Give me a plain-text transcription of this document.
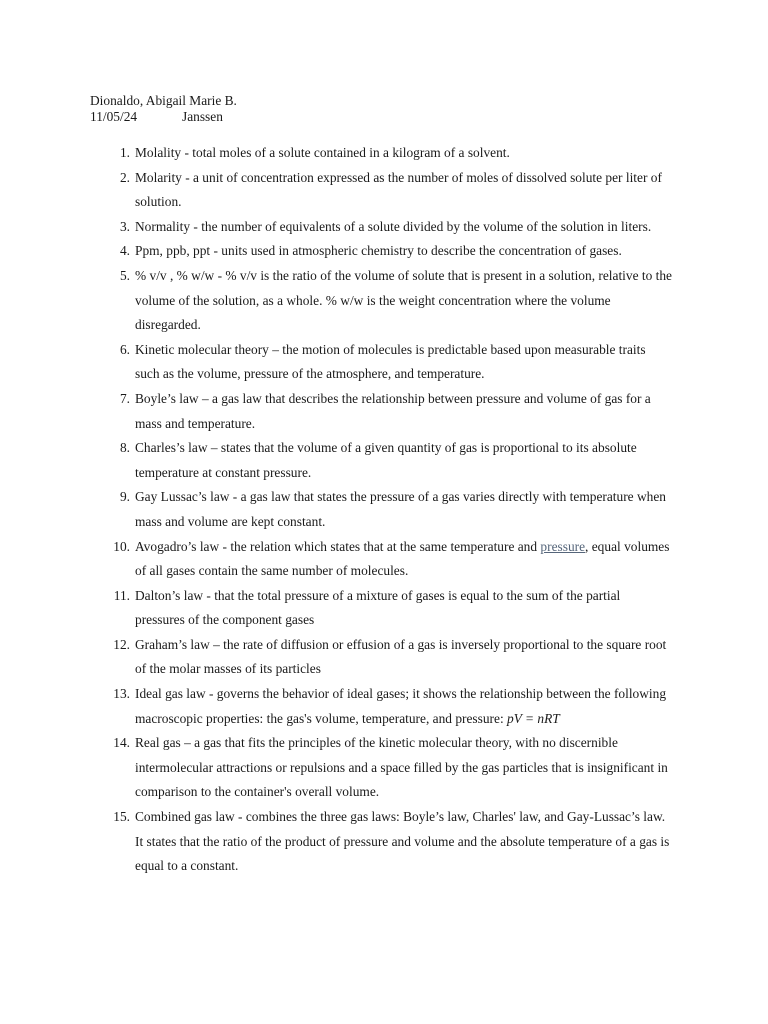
Dionaldo, Abigail Marie B.
11/05/24	Janssen
1. Molality - total moles of a solute contained in a kilogram of a solvent.
2. Molarity - a unit of concentration expressed as the number of moles of dissolved solute per liter of solution.
3. Normality - the number of equivalents of a solute divided by the volume of the solution in liters.
4. Ppm, ppb, ppt - units used in atmospheric chemistry to describe the concentration of gases.
5. % v/v , % w/w - % v/v is the ratio of the volume of solute that is present in a solution, relative to the volume of the solution, as a whole. % w/w is the weight concentration where the volume disregarded.
6. Kinetic molecular theory – the motion of molecules is predictable based upon measurable traits such as the volume, pressure of the atmosphere, and temperature.
7. Boyle’s law – a gas law that describes the relationship between pressure and volume of gas for a mass and temperature.
8. Charles’s law – states that the volume of a given quantity of gas is proportional to its absolute temperature at constant pressure.
9. Gay Lussac’s law - a gas law that states the pressure of a gas varies directly with temperature when mass and volume are kept constant.
10. Avogadro’s law - the relation which states that at the same temperature and pressure, equal volumes of all gases contain the same number of molecules.
11. Dalton’s law - that the total pressure of a mixture of gases is equal to the sum of the partial pressures of the component gases
12. Graham’s law – the rate of diffusion or effusion of a gas is inversely proportional to the square root of the molar masses of its particles
13. Ideal gas law - governs the behavior of ideal gases; it shows the relationship between the following macroscopic properties: the gas's volume, temperature, and pressure: pV = nRT
14. Real gas – a gas that fits the principles of the kinetic molecular theory, with no discernible intermolecular attractions or repulsions and a space filled by the gas particles that is insignificant in comparison to the container's overall volume.
15. Combined gas law - combines the three gas laws: Boyle’s law, Charles' law, and Gay-Lussac’s law. It states that the ratio of the product of pressure and volume and the absolute temperature of a gas is equal to a constant.
